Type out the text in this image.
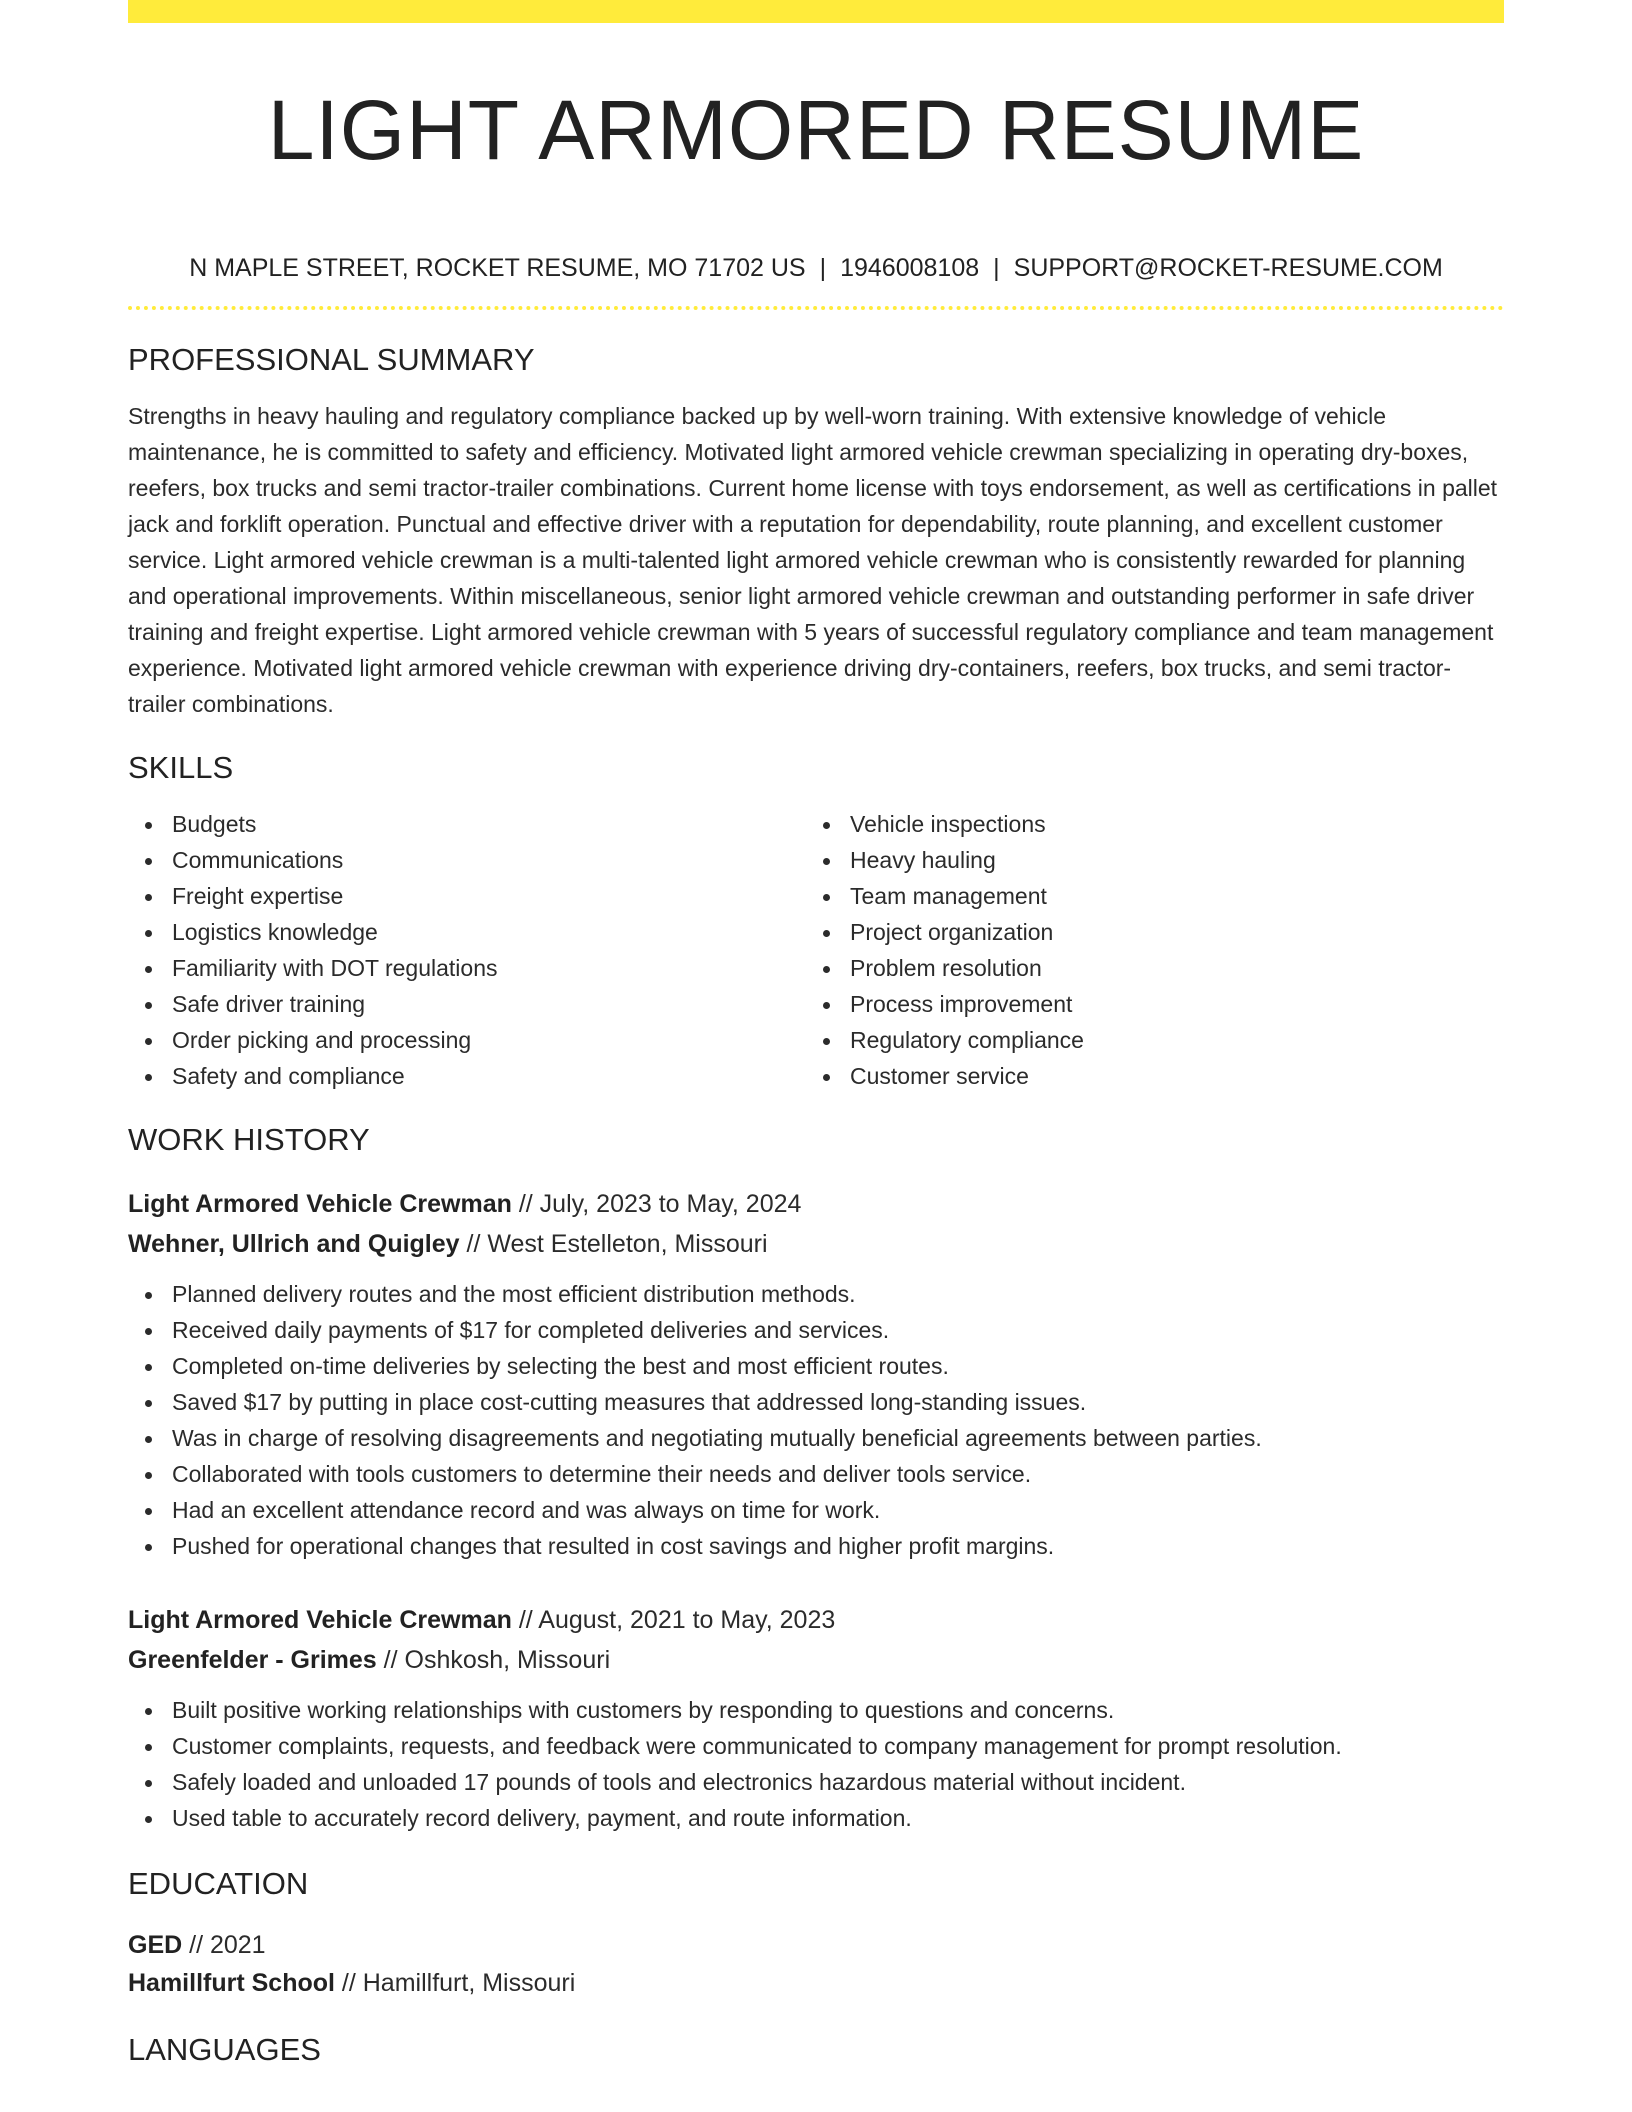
LIGHT ARMORED RESUME
N MAPLE STREET, ROCKET RESUME, MO 71702 US | 1946008108 | SUPPORT@ROCKET-RESUME.COM
PROFESSIONAL SUMMARY

Strengths in heavy hauling and regulatory compliance backed up by well-worn training. With extensive knowledge of vehicle maintenance, he is committed to safety and efficiency. Motivated light armored vehicle crewman specializing in operating dry-boxes, reefers, box trucks and semi tractor-trailer combinations. Current home license with toys endorsement, as well as certifications in pallet jack and forklift operation. Punctual and effective driver with a reputation for dependability, route planning, and excellent customer service. Light armored vehicle crewman is a multi-talented light armored vehicle crewman who is consistently rewarded for planning and operational improvements. Within miscellaneous, senior light armored vehicle crewman and outstanding performer in safe driver training and freight expertise. Light armored vehicle crewman with 5 years of successful regulatory compliance and team management experience. Motivated light armored vehicle crewman with experience driving dry-containers, reefers, box trucks, and semi tractor-trailer combinations.

SKILLS
Budgets
Communications
Freight expertise
Logistics knowledge
Familiarity with DOT regulations
Safe driver training
Order picking and processing
Safety and compliance
Vehicle inspections
Heavy hauling
Team management
Project organization
Problem resolution
Process improvement
Regulatory compliance
Customer service
WORK HISTORY
Light Armored Vehicle Crewman // July, 2023 to May, 2024
Wehner, Ullrich and Quigley // West Estelleton, Missouri
Planned delivery routes and the most efficient distribution methods.
Received daily payments of $17 for completed deliveries and services.
Completed on-time deliveries by selecting the best and most efficient routes.
Saved $17 by putting in place cost-cutting measures that addressed long-standing issues.
Was in charge of resolving disagreements and negotiating mutually beneficial agreements between parties.
Collaborated with tools customers to determine their needs and deliver tools service.
Had an excellent attendance record and was always on time for work.
Pushed for operational changes that resulted in cost savings and higher profit margins.
Light Armored Vehicle Crewman // August, 2021 to May, 2023
Greenfelder - Grimes // Oshkosh, Missouri
Built positive working relationships with customers by responding to questions and concerns.
Customer complaints, requests, and feedback were communicated to company management for prompt resolution.
Safely loaded and unloaded 17 pounds of tools and electronics hazardous material without incident.
Used table to accurately record delivery, payment, and route information.
EDUCATION
GED // 2021
Hamillfurt School // Hamillfurt, Missouri
LANGUAGES
